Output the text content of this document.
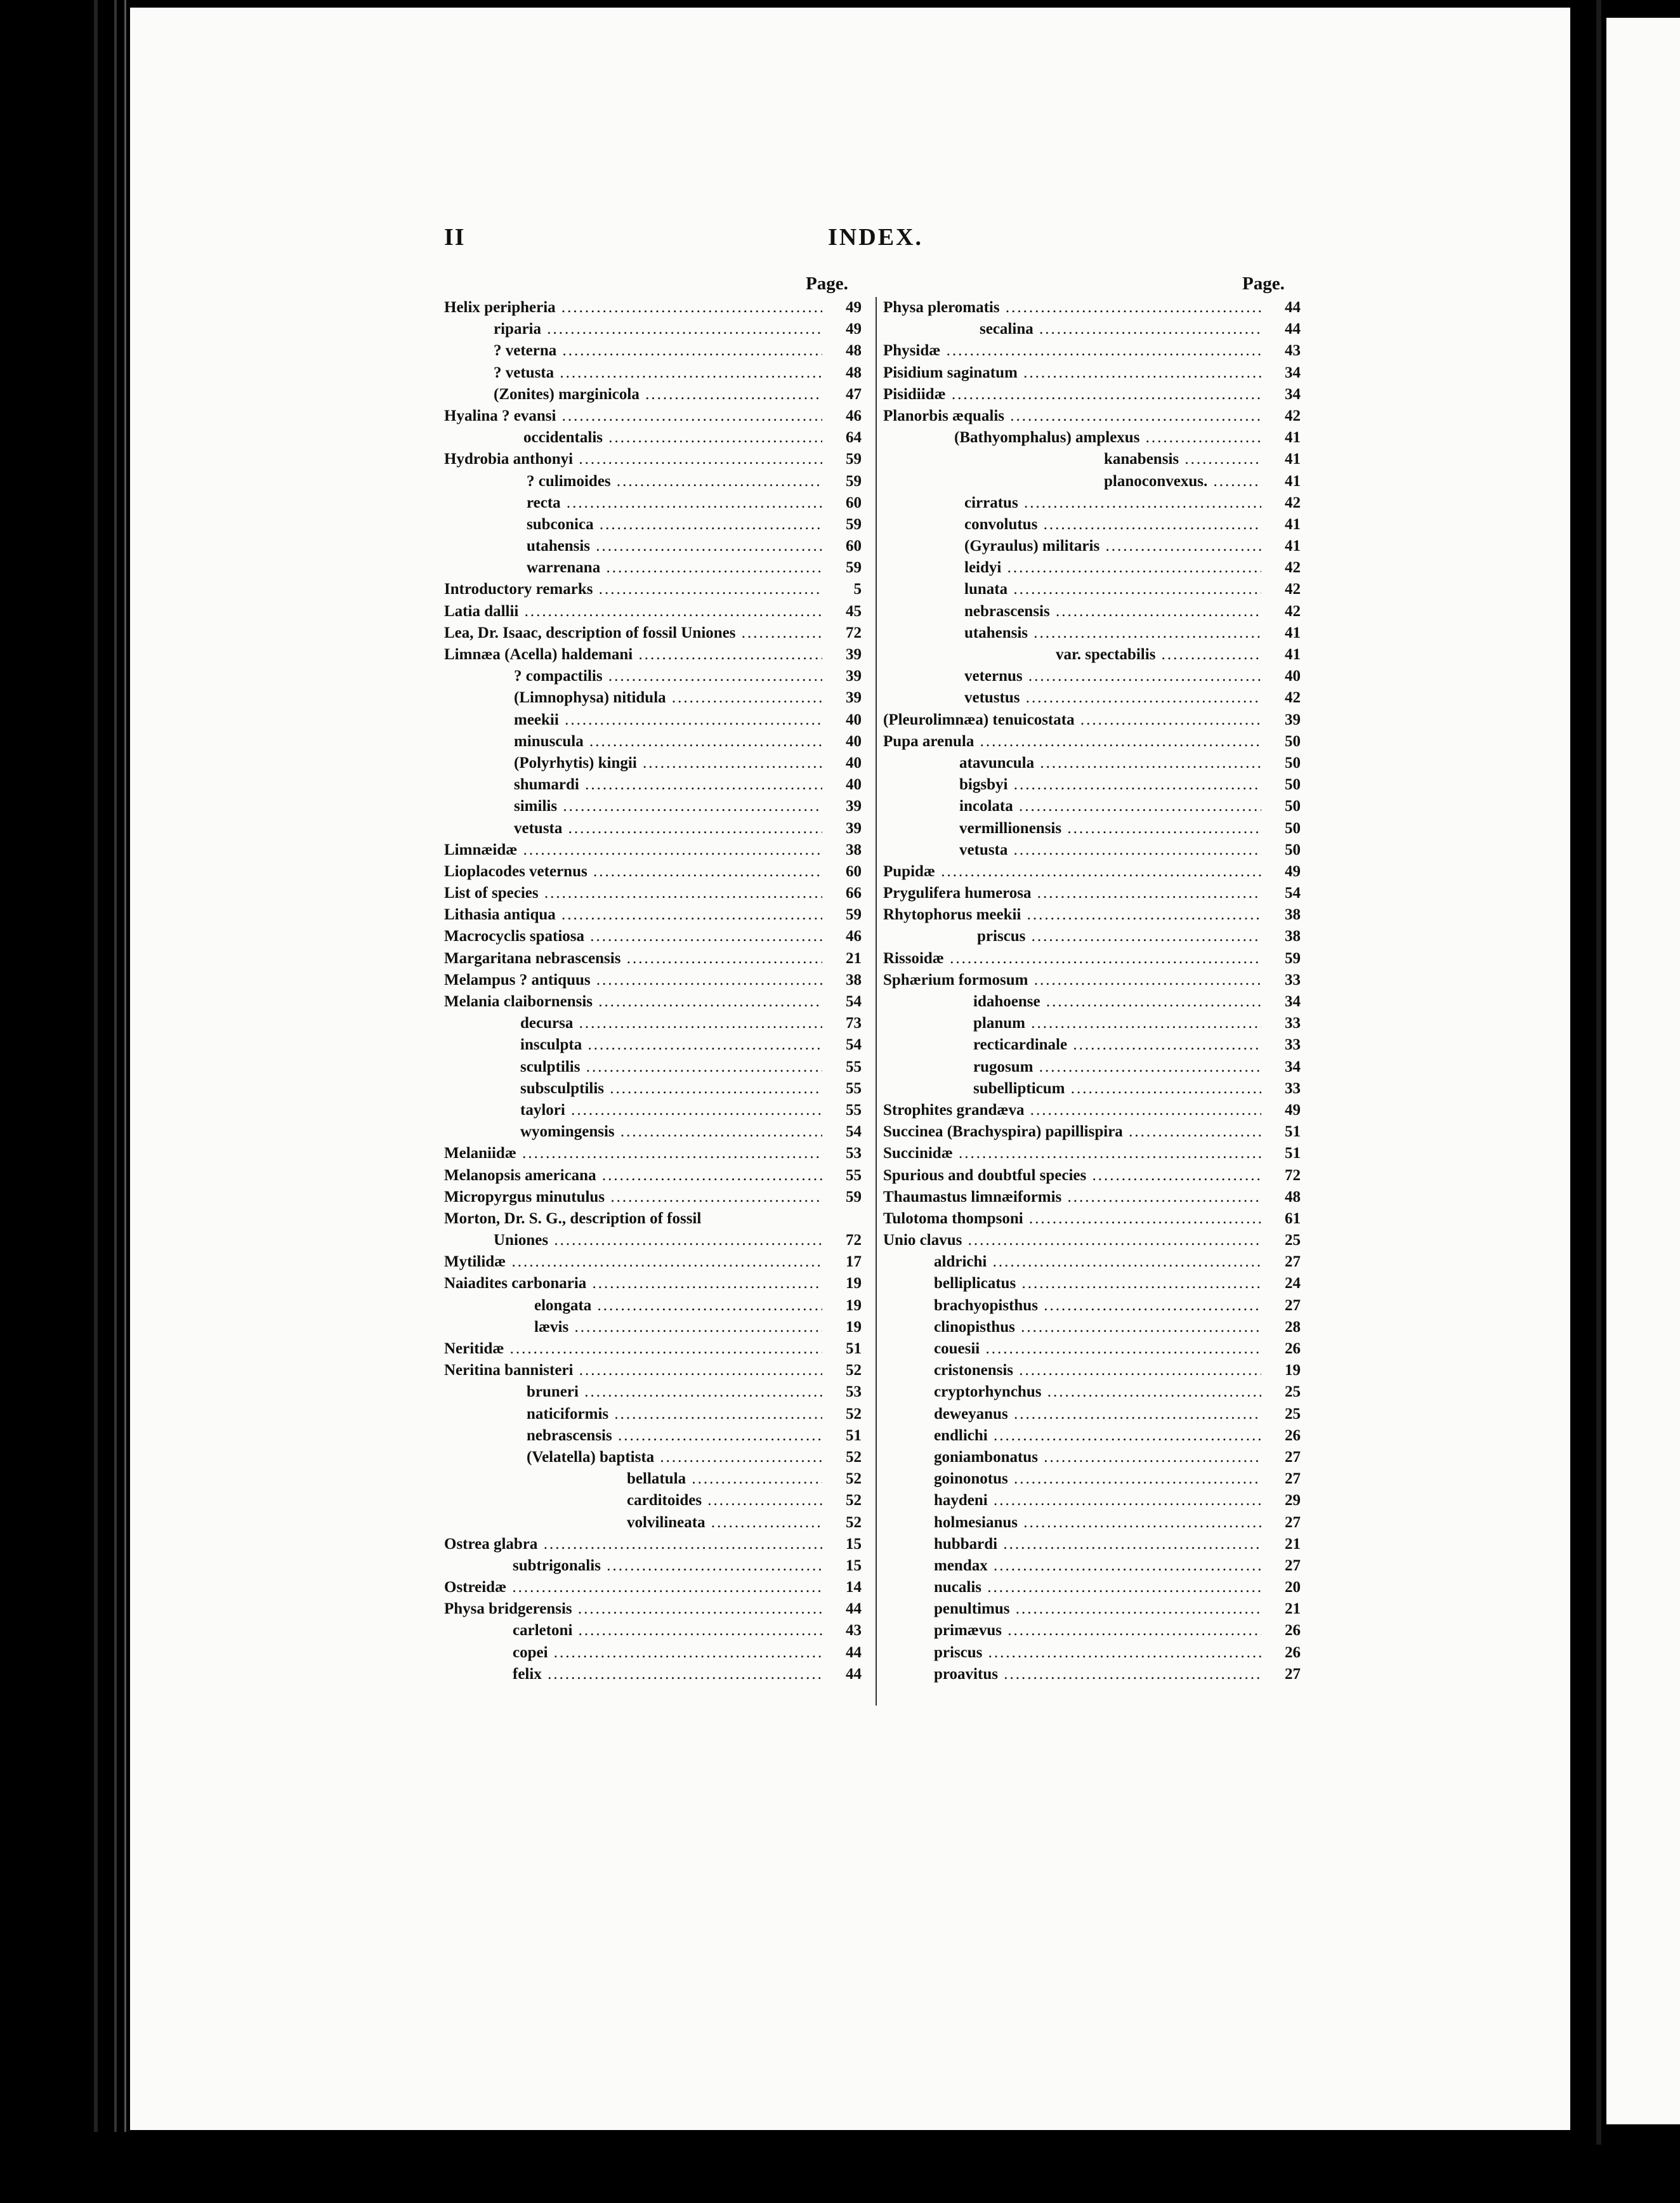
II	INDEX.
Page.	Page.
Helix peripheria .....	49
riparia .....	49
? veterna .....	48
? vetusta .....	48
(Zonites) marginicola .....	47
Hyalina ? evansi .....	46
occidentalis .....	64
Hydrobia anthonyi .....	59
? culimoides .....	59
recta .....	60
subconica .....	59
utahensis .....	60
warrenana .....	59
Introductory remarks .....	5
Latia dallii .....	45
Lea, Dr. Isaac, description of fossil Uniones .....	72
Limnæa (Acella) haldemani .....	39
? compactilis .....	39
(Limnophysa) nitidula .....	39
meekii .....	40
minuscula .....	40
(Polyrhytis) kingii .....	40
shumardi .....	40
similis .....	39
vetusta .....	39
Limnæidæ .....	38
Lioplacodes veternus .....	60
List of species .....	66
Lithasia antiqua .....	59
Macrocyclis spatiosa .....	46
Margaritana nebrascensis .....	21
Melampus ? antiquus .....	38
Melania claibornensis .....	54
decursa .....	73
insculpta .....	54
sculptilis .....	55
subsculptilis .....	55
taylori .....	55
wyomingensis .....	54
Melaniidæ .....	53
Melanopsis americana .....	55
Micropyrgus minutulus .....	59
Morton, Dr. S. G., description of fossil
Uniones .....	72
Mytilidæ .....	17
Naiadites carbonaria .....	19
elongata .....	19
lævis .....	19
Neritidæ .....	51
Neritina bannisteri .....	52
bruneri .....	53
naticiformis .....	52
nebrascensis .....	51
(Velatella) baptista .....	52
bellatula .....	52
carditoides .....	52
volvilineata .....	52
Ostrea glabra .....	15
subtrigonalis .....	15
Ostreidæ .....	14
Physa bridgerensis .....	44
carletoni .....	43
copei .....	44
felix .....	44
Physa pleromatis .....	44
secalina .....	44
Physidæ .....	43
Pisidium saginatum .....	34
Pisidiidæ .....	34
Planorbis æqualis .....	42
(Bathyomphalus) amplexus .....	41
kanabensis .....	41
planoconvexus. .....	41
cirratus .....	42
convolutus .....	41
(Gyraulus) militaris .....	41
leidyi .....	42
lunata .....	42
nebrascensis .....	42
utahensis .....	41
var. spectabilis .....	41
veternus .....	40
vetustus .....	42
(Pleurolimnæa) tenuicostata .....	39
Pupa arenula .....	50
atavuncula .....	50
bigsbyi .....	50
incolata .....	50
vermillionensis .....	50
vetusta .....	50
Pupidæ .....	49
Prygulifera humerosa .....	54
Rhytophorus meekii .....	38
priscus .....	38
Rissoidæ .....	59
Sphærium formosum .....	33
idahoense .....	34
planum .....	33
recticardinale .....	33
rugosum .....	34
subellipticum .....	33
Strophites grandæva .....	49
Succinea (Brachyspira) papillispira .....	51
Succinidæ .....	51
Spurious and doubtful species .....	72
Thaumastus limnæiformis .....	48
Tulotoma thompsoni .....	61
Unio clavus .....	25
aldrichi .....	27
belliplicatus .....	24
brachyopisthus .....	27
clinopisthus .....	28
couesii .....	26
cristonensis .....	19
cryptorhynchus .....	25
deweyanus .....	25
endlichi .....	26
goniambonatus .....	27
goinonotus .....	27
haydeni .....	29
holmesianus .....	27
hubbardi .....	21
mendax .....	27
nucalis .....	20
penultimus .....	21
primævus .....	26
priscus .....	26
proavitus .....	27
